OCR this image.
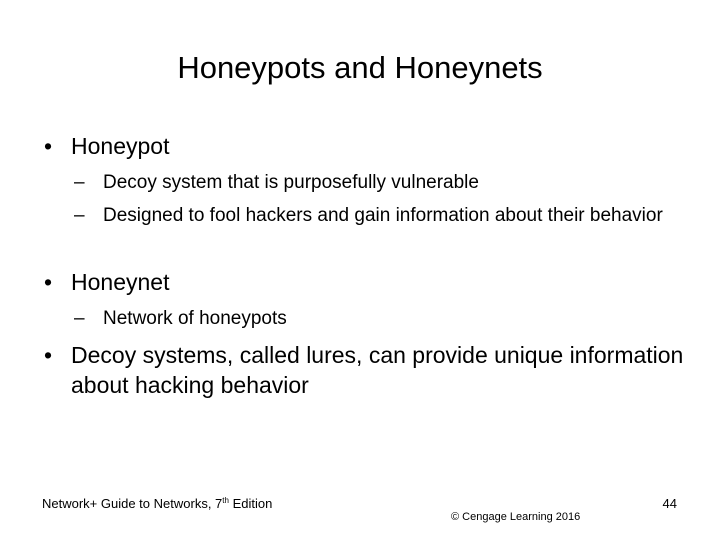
Honeypots and Honeynets
• Honeypot
– Decoy system that is purposefully vulnerable
– Designed to fool hackers and gain information about their behavior
• Honeynet
– Network of honeypots
• Decoy systems, called lures, can provide unique information about hacking behavior
Network+ Guide to Networks, 7th Edition
© Cengage Learning 2016
44
